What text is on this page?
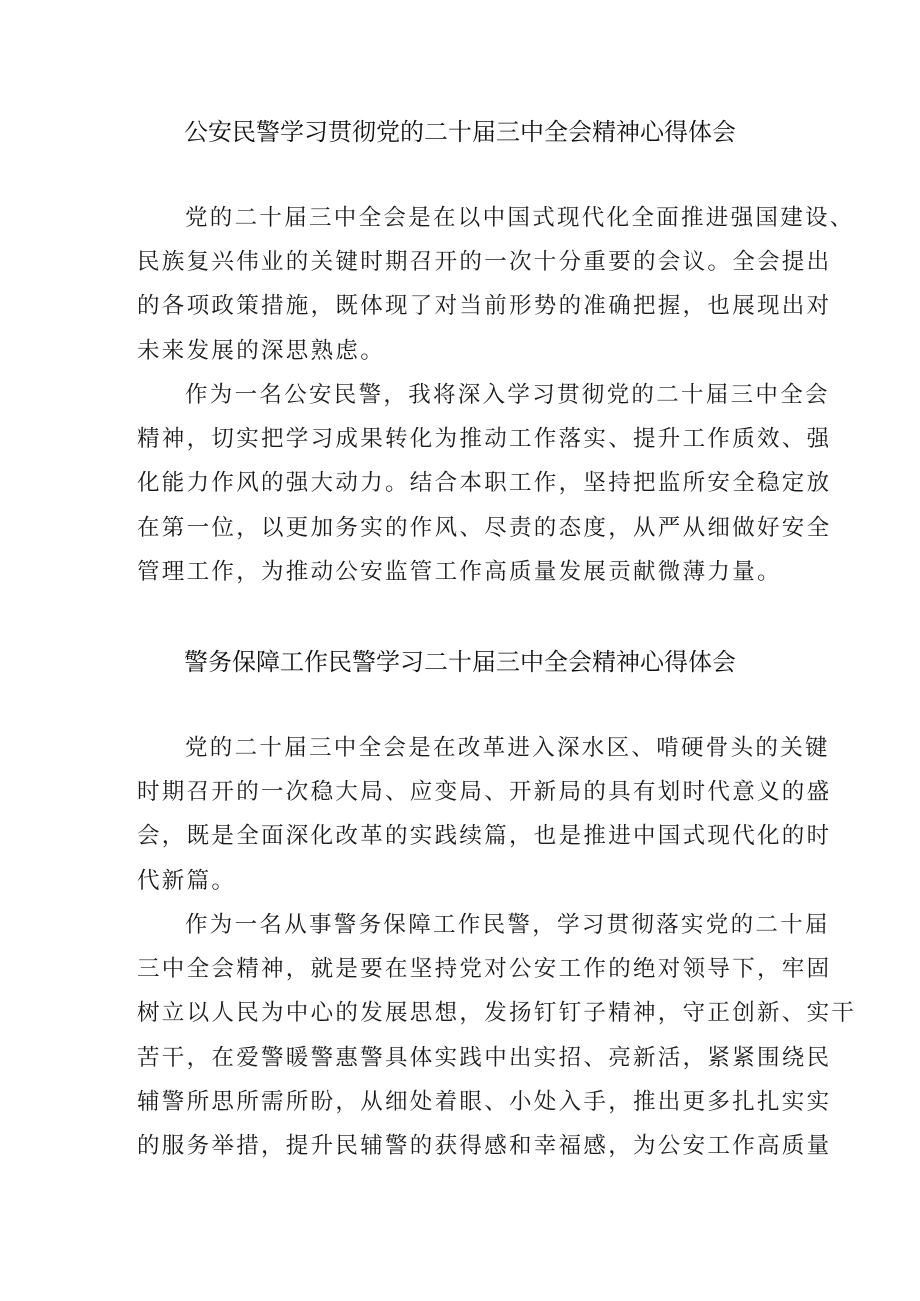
公安民警学习贯彻党的二十届三中全会精神心得体会
党的二十届三中全会是在以中国式现代化全面推进强国建设、
民族复兴伟业的关键时期召开的一次十分重要的会议。全会提出
的各项政策措施，既体现了对当前形势的准确把握，也展现出对
未来发展的深思熟虑。
作为一名公安民警，我将深入学习贯彻党的二十届三中全会
精神，切实把学习成果转化为推动工作落实、提升工作质效、强
化能力作风的强大动力。结合本职工作，坚持把监所安全稳定放
在第一位，以更加务实的作风、尽责的态度，从严从细做好安全
管理工作，为推动公安监管工作高质量发展贡献微薄力量。
警务保障工作民警学习二十届三中全会精神心得体会
党的二十届三中全会是在改革进入深水区、啃硬骨头的关键
时期召开的一次稳大局、应变局、开新局的具有划时代意义的盛
会，既是全面深化改革的实践续篇，也是推进中国式现代化的时
代新篇。
作为一名从事警务保障工作民警，学习贯彻落实党的二十届
三中全会精神，就是要在坚持党对公安工作的绝对领导下，牢固
树立以人民为中心的发展思想，发扬钉钉子精神，守正创新、实干
苦干，在爱警暖警惠警具体实践中出实招、亮新活，紧紧围绕民
辅警所思所需所盼，从细处着眼、小处入手，推出更多扎扎实实
的服务举措，提升民辅警的获得感和幸福感，为公安工作高质量
